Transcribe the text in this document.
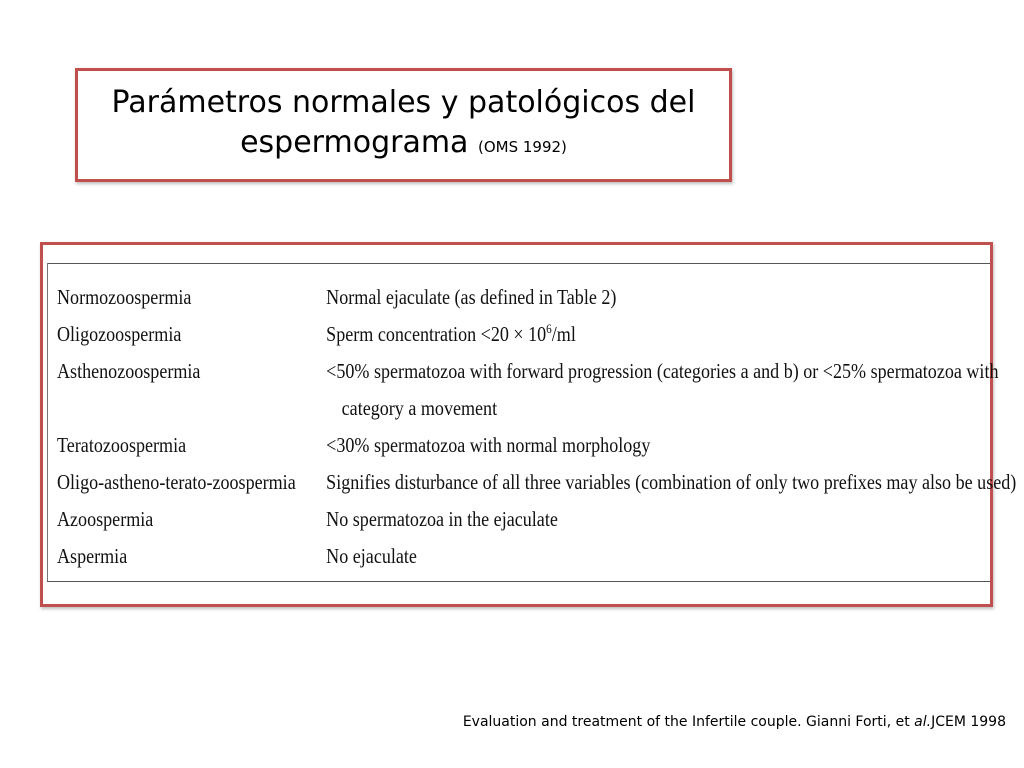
Parámetros normales y patológicos del
espermograma (OMS 1992)
Normozoospermia	Normal ejaculate (as defined in Table 2)
Oligozoospermia	Sperm concentration $<20 \times 10^6/ml$
Asthenozoospermia	<50% spermatozoa with forward progression (categories a and b) or <25% spermatozoa with
category a movement
Teratozoospermia	<30% spermatozoa with normal morphology
Oligo-astheno-terato-zoospermia	Signifies disturbance of all three variables (combination of only two prefixes may also be used)
Azoospermia	No spermatozoa in the ejaculate
Aspermia	No ejaculate
Evaluation and treatment of the Infertile couple. Gianni Forti, et al.JCEM 1998
